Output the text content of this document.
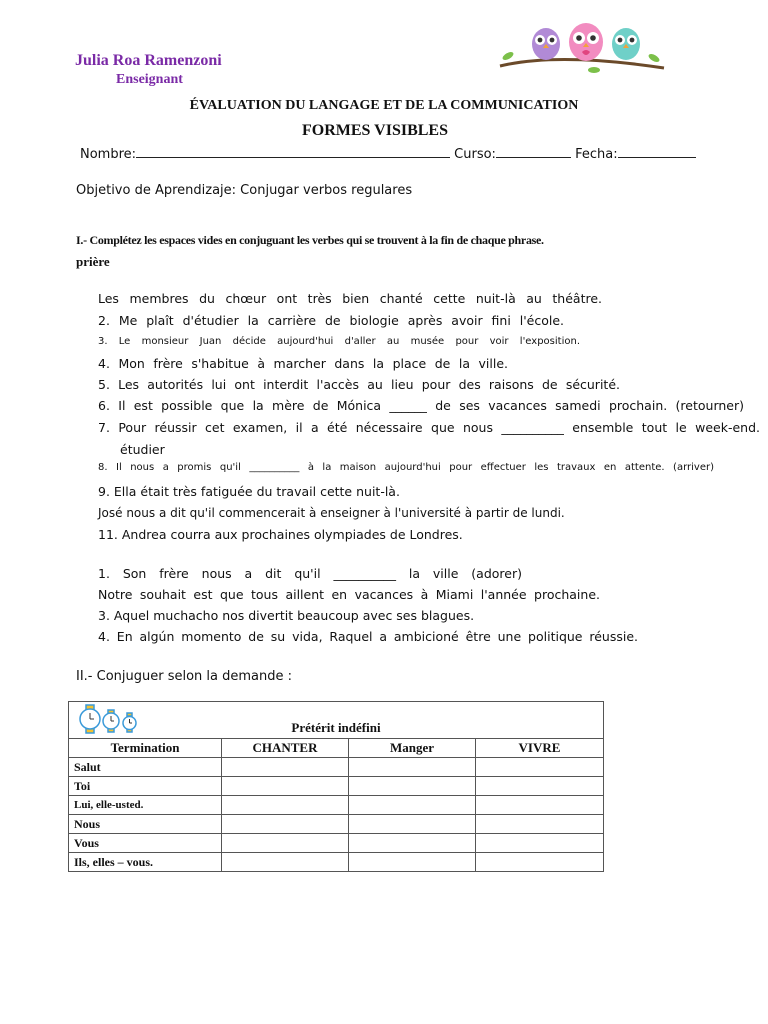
Julia Roa Ramenzoni
Enseignant
ÉVALUATION DU LANGAGE ET DE LA COMMUNICATION
FORMES VISIBLES
Nombre:	Curso:	Fecha:
Objetivo de Aprendizaje: Conjugar verbos regulares
I.- Complétez les espaces vides en conjuguant les verbes qui se trouvent à la fin de chaque phrase.
prière
Les membres du chœur ont très bien chanté cette nuit-là au théâtre.
2. Me plaît d'étudier la carrière de biologie après avoir fini l'école.
3. Le monsieur Juan décide aujourd'hui d'aller au musée pour voir l'exposition.
4. Mon frère s'habitue à marcher dans la place de la ville.
5. Les autorités lui ont interdit l'accès au lieu pour des raisons de sécurité.
6. Il est possible que la mère de Mónica ______ de ses vacances samedi prochain. (retourner)
7. Pour réussir cet examen, il a été nécessaire que nous __________ ensemble tout le week-end.
étudier
8. Il nous a promis qu'il __________ à la maison aujourd'hui pour effectuer les travaux en attente. (arriver)
9. Ella était très fatiguée du travail cette nuit-là.
José nous a dit qu'il commencerait à enseigner à l'université à partir de lundi.
11. Andrea courra aux prochaines olympiades de Londres.
1. Son frère nous a dit qu'il __________ la ville (adorer)
Notre souhait est que tous aillent en vacances à Miami l'année prochaine.
3. Aquel muchacho nos divertit beaucoup avec ses blagues.
4. En algún momento de su vida, Raquel a ambicioné être une politique réussie.
II.- Conjuguer selon la demande :
Prétérit indéfini			

Termination	CHANTER	Manger	VIVRE
Salut			
Toi			
Lui, elle-usted.			
Nous			
Vous			
Ils, elles – vous.			
